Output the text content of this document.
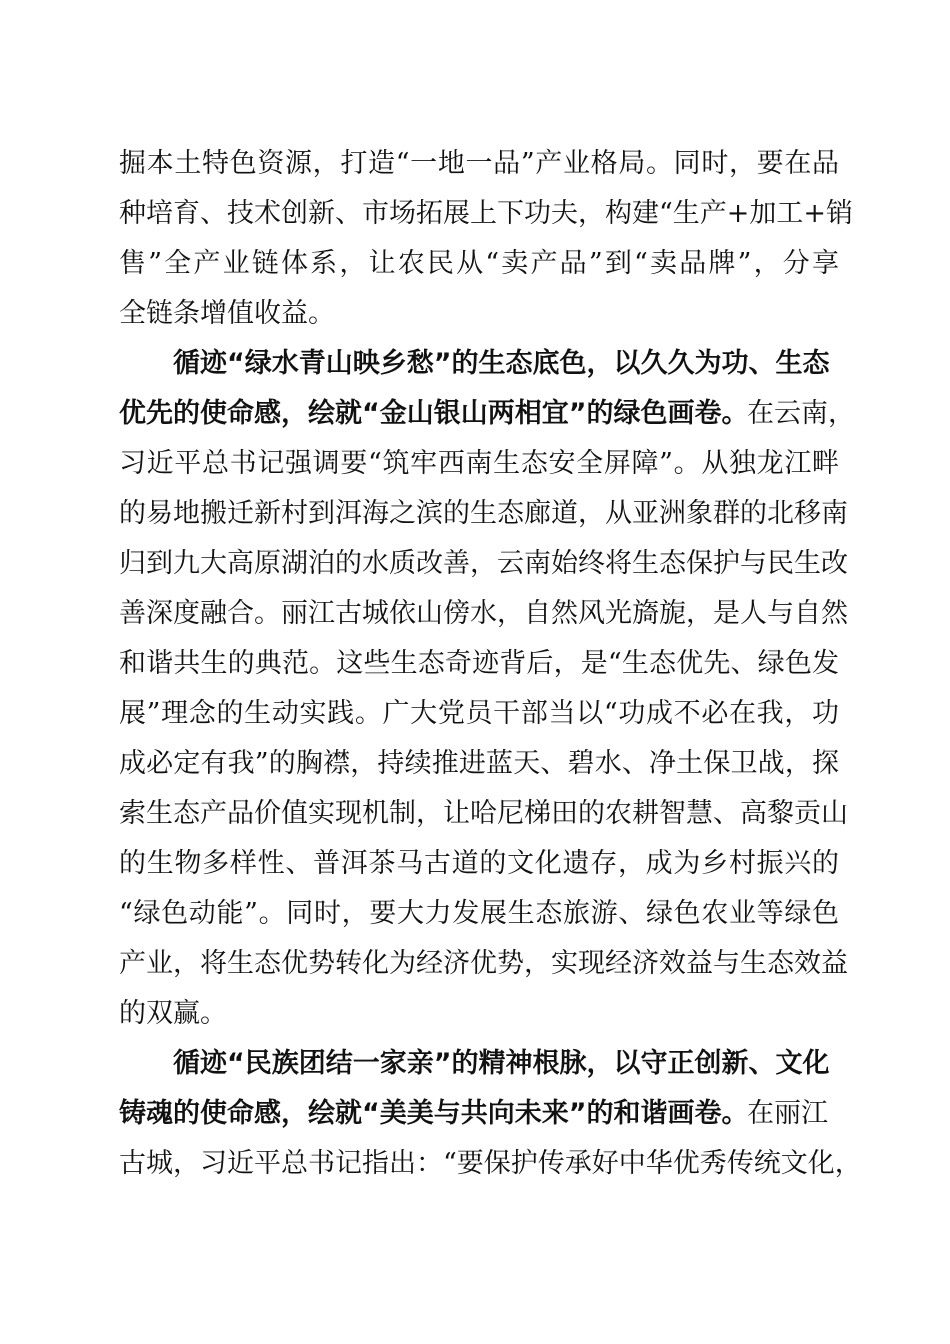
掘本土特色资源，打造“一地一品”产业格局。同时，要在品
种培育、技术创新、市场拓展上下功夫，构建“生产+加工+销
售”全产业链体系，让农民从“卖产品”到“卖品牌”，分享
全链条增值收益。
循迹“绿水青山映乡愁”的生态底色，以久久为功、生态
优先的使命感，绘就“金山银山两相宜”的绿色画卷。
在云南，
习近平总书记强调要“筑牢西南生态安全屏障”。从独龙江畔
的易地搬迁新村到洱海之滨的生态廊道，从亚洲象群的北移南
归到九大高原湖泊的水质改善，云南始终将生态保护与民生改
善深度融合。丽江古城依山傍水，自然风光旖旎，是人与自然
和谐共生的典范。这些生态奇迹背后，是“生态优先、绿色发
展”理念的生动实践。广大党员干部当以“功成不必在我，功
成必定有我”的胸襟，持续推进蓝天、碧水、净土保卫战，探
索生态产品价值实现机制，让哈尼梯田的农耕智慧、高黎贡山
的生物多样性、普洱茶马古道的文化遗存，成为乡村振兴的
“绿色动能”。同时，要大力发展生态旅游、绿色农业等绿色
产业，将生态优势转化为经济优势，实现经济效益与生态效益
的双赢。
循迹“民族团结一家亲”的精神根脉，以守正创新、文化
铸魂的使命感，绘就“美美与共向未来”的和谐画卷。
在丽江
古城，习近平总书记指出：“要保护传承好中华优秀传统文化，
